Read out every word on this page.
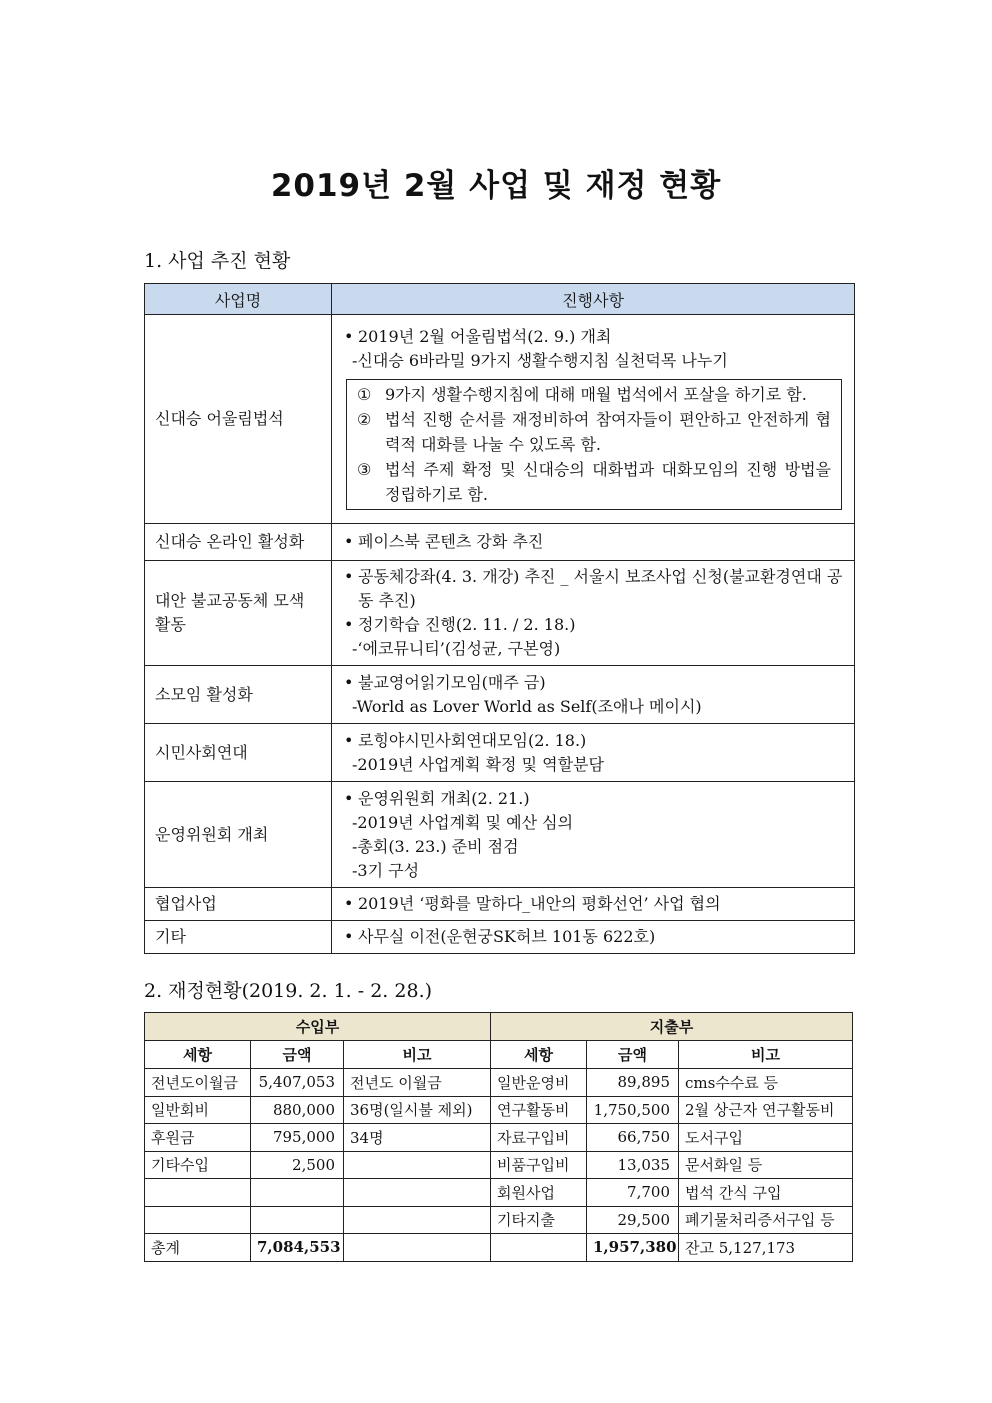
2019년 2월 사업 및 재정 현황
1. 사업 추진 현황
사업명	진행사항
신대승 어울림법석	• 2019년 2월 어울림법석(2. 9.) 개최
-신대승 6바라밀 9가지 생활수행지침 실천덕목 나누기
① 9가지 생활수행지침에 대해 매월 법석에서 포살을 하기로 함.
② 법석 진행 순서를 재정비하여 참여자들이 편안하고 안전하게 협력적 대화를 나눌 수 있도록 함.
③ 법석 주제 확정 및 신대승의 대화법과 대화모임의 진행 방법을 정립하기로 함.

신대승 온라인 활성화	• 페이스북 콘텐츠 강화 추진

대안 불교공동체 모색 활동	• 공동체강좌(4. 3. 개강) 추진 _ 서울시 보조사업 신청(불교환경연대 공동 추진)
• 정기학습 진행(2. 11. / 2. 18.)
-‘에코뮤니티’(김성균, 구본영)

소모임 활성화	• 불교영어읽기모임(매주 금)
-World as Lover World as Self(조애나 메이시)

시민사회연대	• 로힝야시민사회연대모임(2. 18.)
-2019년 사업계획 확정 및 역할분담

운영위원회 개최	• 운영위원회 개최(2. 21.)
-2019년 사업계획 및 예산 심의
-총회(3. 23.) 준비 점검
-3기 구성

협업사업	• 2019년 ‘평화를 말하다_내안의 평화선언’ 사업 협의

기타	• 사무실 이전(운현궁SK허브 101동 622호)
2. 재정현황(2019. 2. 1. - 2. 28.)
수입부			지출부		
세항	금액	비고	세항	금액	비고
전년도이월금	5,407,053	전년도 이월금	일반운영비	89,895	cms수수료 등
일반회비	880,000	36명(일시불 제외)	연구활동비	1,750,500	2월 상근자 연구활동비
후원금	795,000	34명	자료구입비	66,750	도서구입
기타수입	2,500		비품구입비	13,035	문서화일 등
			회원사업	7,700	법석 간식 구입
			기타지출	29,500	폐기물처리증서구입 등
총계	7,084,553			1,957,380	잔고 5,127,173
